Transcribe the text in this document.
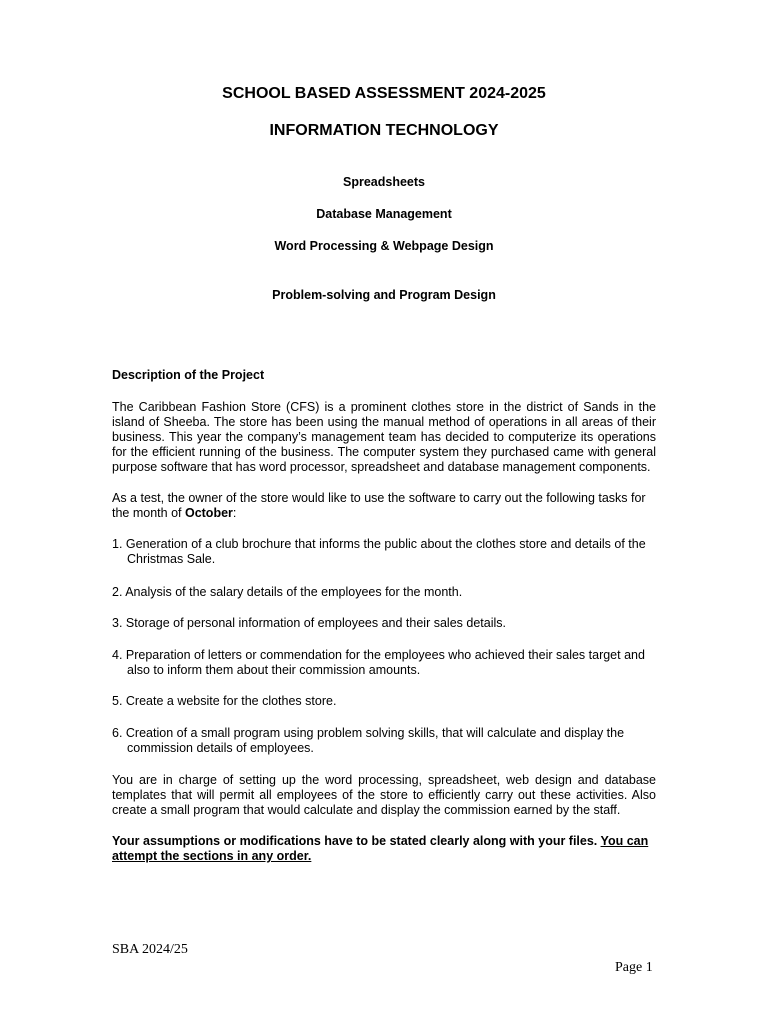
SCHOOL BASED ASSESSMENT 2024-2025
INFORMATION TECHNOLOGY
Spreadsheets
Database Management
Word Processing & Webpage Design
Problem-solving and Program Design
Description of the Project
The Caribbean Fashion Store (CFS) is a prominent clothes store in the district of Sands in the island of Sheeba. The store has been using the manual method of operations in all areas of their business. This year the company’s management team has decided to computerize its operations for the efficient running of the business. The computer system they purchased came with general purpose software that has word processor, spreadsheet and database management components.
As a test, the owner of the store would like to use the software to carry out the following tasks for the month of October:
1. Generation of a club brochure that informs the public about the clothes store and details of the Christmas Sale.
2. Analysis of the salary details of the employees for the month.
3. Storage of personal information of employees and their sales details.
4. Preparation of letters or commendation for the employees who achieved their sales target and also to inform them about their commission amounts.
5. Create a website for the clothes store.
6. Creation of a small program using problem solving skills, that will calculate and display the commission details of employees.
You are in charge of setting up the word processing, spreadsheet, web design and database templates that will permit all employees of the store to efficiently carry out these activities. Also create a small program that would calculate and display the commission earned by the staff.
Your assumptions or modifications have to be stated clearly along with your files. You can attempt the sections in any order.
SBA 2024/25
Page 1
